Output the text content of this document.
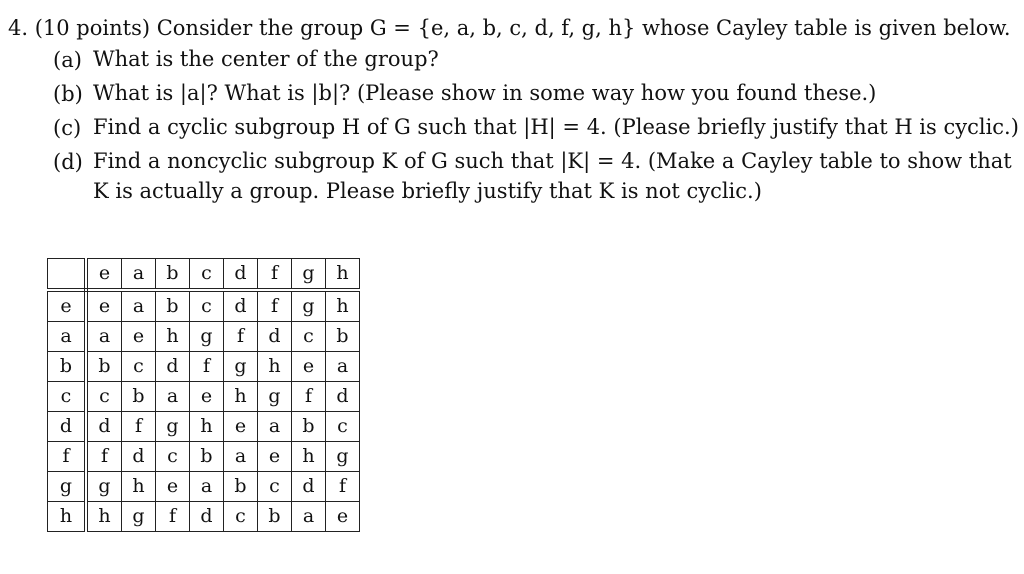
4. (10 points) Consider the group G = {e, a, b, c, d, f, g, h} whose Cayley table is given below.
(a) What is the center of the group?
(b) What is |a|? What is |b|? (Please show in some way how you found these.)
(c) Find a cyclic subgroup H of G such that |H| = 4. (Please briefly justify that H is cyclic.)
(d) Find a noncyclic subgroup K of G such that |K| = 4. (Make a Cayley table to show that
K is actually a group. Please briefly justify that K is not cyclic.)
	e	a	b	c	d	f	g	h
e	e	a	b	c	d	f	g	h
a	a	e	h	g	f	d	c	b
b	b	c	d	f	g	h	e	a
c	c	b	a	e	h	g	f	d
d	d	f	g	h	e	a	b	c
f	f	d	c	b	a	e	h	g
g	g	h	e	a	b	c	d	f
h	h	g	f	d	c	b	a	e
